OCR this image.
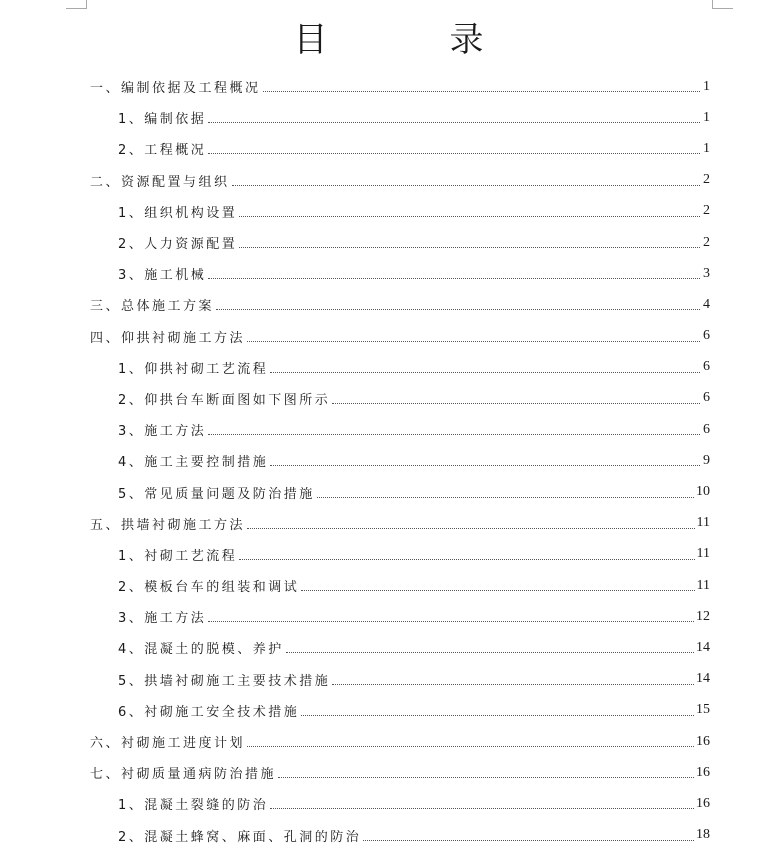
目　录
一、编制依据及工程概况	1
1、编制依据	1
2、工程概况	1
二、资源配置与组织	2
1、组织机构设置	2
2、人力资源配置	2
3、施工机械	3
三、总体施工方案	4
四、仰拱衬砌施工方法	6
1、仰拱衬砌工艺流程	6
2、仰拱台车断面图如下图所示	6
3、施工方法	6
4、施工主要控制措施	9
5、常见质量问题及防治措施	10
五、拱墙衬砌施工方法	11
1、衬砌工艺流程	11
2、模板台车的组装和调试	11
3、施工方法	12
4、混凝土的脱模、养护	14
5、拱墙衬砌施工主要技术措施	14
6、衬砌施工安全技术措施	15
六、衬砌施工进度计划	16
七、衬砌质量通病防治措施	16
1、混凝土裂缝的防治	16
2、混凝土蜂窝、麻面、孔洞的防治	18
